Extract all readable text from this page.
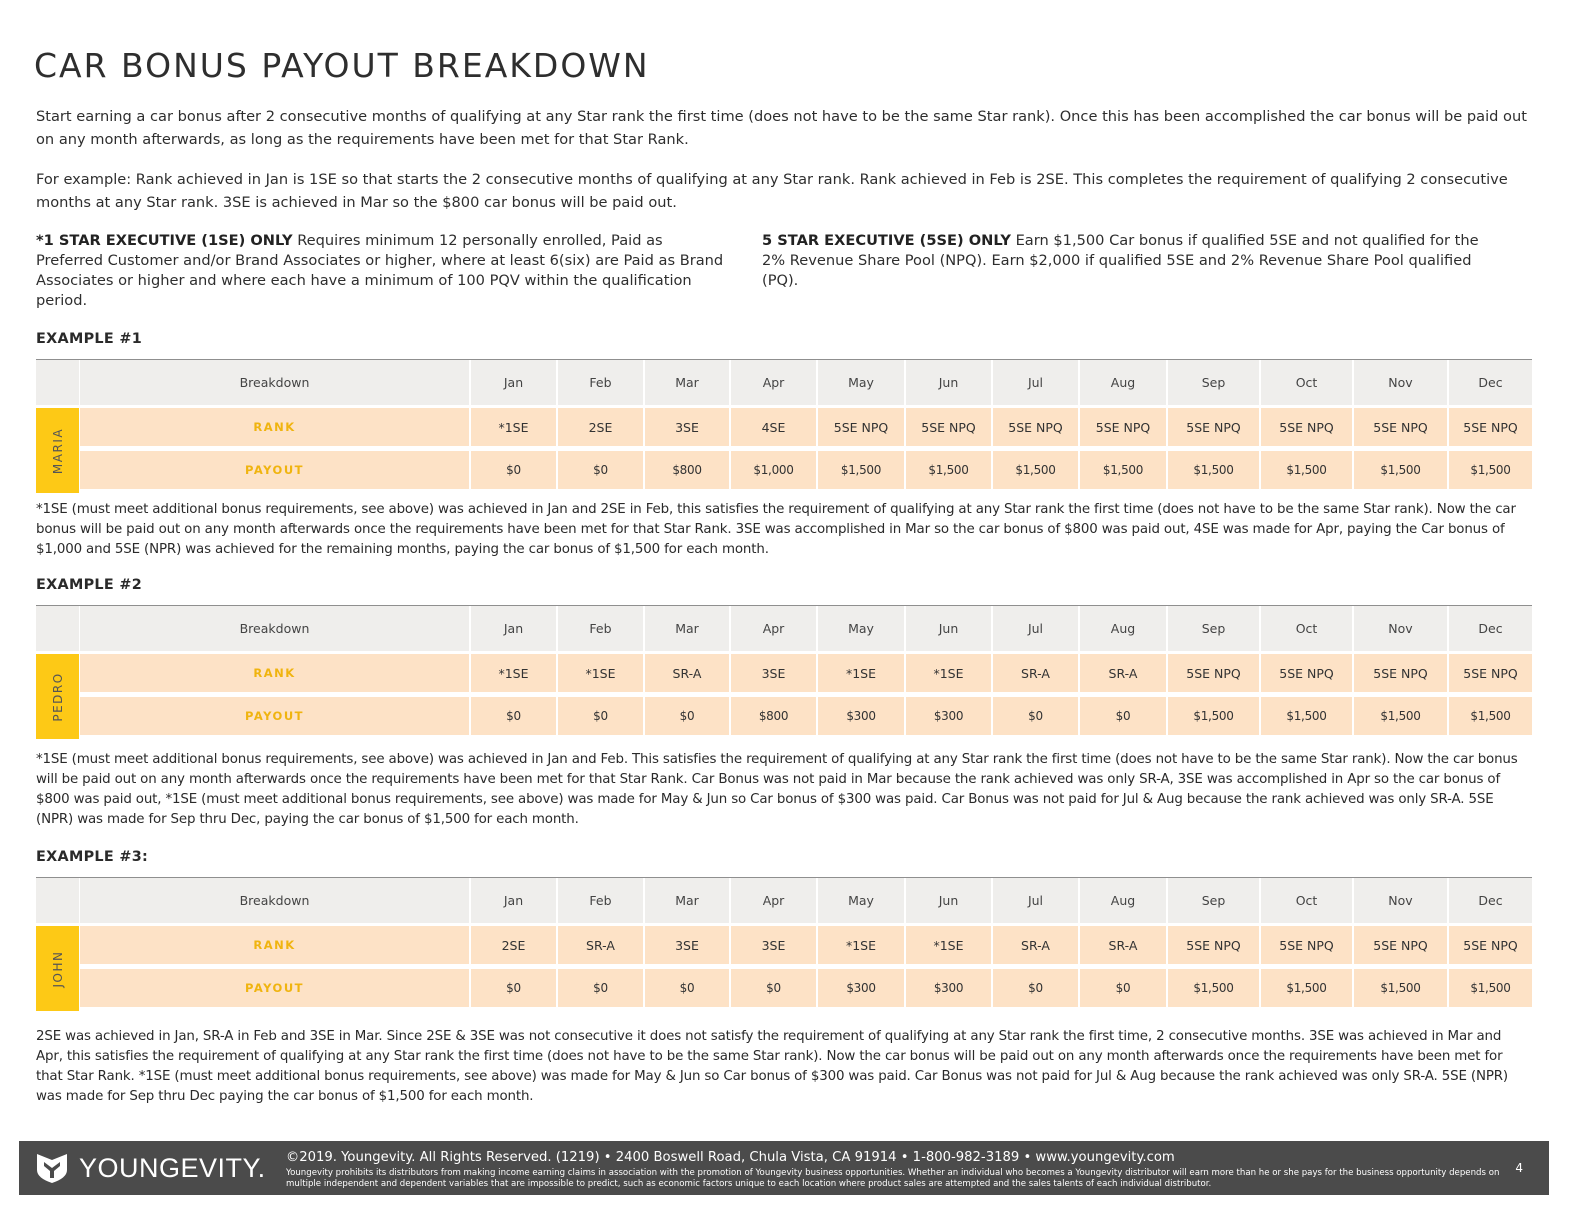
CAR BONUS PAYOUT BREAKDOWN

Start earning a car bonus after 2 consecutive months of qualifying at any Star rank the first time (does not have to be the same Star rank). Once this has been accomplished the car bonus will be paid out on any month afterwards, as long as the requirements have been met for that Star Rank.

For example: Rank achieved in Jan is 1SE so that starts the 2 consecutive months of qualifying at any Star rank. Rank achieved in Feb is 2SE. This completes the requirement of qualifying 2 consecutive months at any Star rank. 3SE is achieved in Mar so the $800 car bonus will be paid out.

*1 STAR EXECUTIVE (1SE) ONLY Requires minimum 12 personally enrolled, Paid as Preferred Customer and/or Brand Associates or higher, where at least 6(six) are Paid as Brand Associates or higher and where each have a minimum of 100 PQV within the qualification period.
5 STAR EXECUTIVE (5SE) ONLY Earn $1,500 Car bonus if qualified 5SE and not qualified for the 2% Revenue Share Pool (NPQ). Earn $2,000 if qualified 5SE and 2% Revenue Share Pool qualified (PQ).
EXAMPLE #1
Breakdown	Jan	Feb	Mar	Apr	May	Jun	Jul	Aug	Sep	Oct	Nov	Dec
MARIA
RANK	*1SE	2SE	3SE	4SE	5SE NPQ	5SE NPQ	5SE NPQ	5SE NPQ	5SE NPQ	5SE NPQ	5SE NPQ	5SE NPQ
PAYOUT	$0	$0	$800	$1,000	$1,500	$1,500	$1,500	$1,500	$1,500	$1,500	$1,500	$1,500

*1SE (must meet additional bonus requirements, see above) was achieved in Jan and 2SE in Feb, this satisfies the requirement of qualifying at any Star rank the first time (does not have to be the same Star rank). Now the car bonus will be paid out on any month afterwards once the requirements have been met for that Star Rank. 3SE was accomplished in Mar so the car bonus of $800 was paid out, 4SE was made for Apr, paying the Car bonus of $1,000 and 5SE (NPR) was achieved for the remaining months, paying the car bonus of $1,500 for each month.

EXAMPLE #2
Breakdown	Jan	Feb	Mar	Apr	May	Jun	Jul	Aug	Sep	Oct	Nov	Dec
PEDRO	RANK	*1SE	*1SE	SR-A	3SE	*1SE	*1SE	SR-A	SR-A	5SE NPQ	5SE NPQ	5SE NPQ	5SE NPQ
PAYOUT	$0	$0	$0	$800	$300	$300	$0	$0	$1,500	$1,500	$1,500	$1,500

*1SE (must meet additional bonus requirements, see above) was achieved in Jan and Feb. This satisfies the requirement of qualifying at any Star rank the first time (does not have to be the same Star rank). Now the car bonus will be paid out on any month afterwards once the requirements have been met for that Star Rank. Car Bonus was not paid in Mar because the rank achieved was only SR-A, 3SE was accomplished in Apr so the car bonus of $800 was paid out, *1SE (must meet additional bonus requirements, see above) was made for May & Jun so Car bonus of $300 was paid. Car Bonus was not paid for Jul & Aug because the rank achieved was only SR-A. 5SE (NPR) was made for Sep thru Dec, paying the car bonus of $1,500 for each month.

EXAMPLE #3:
Breakdown	Jan	Feb	Mar	Apr	May	Jun	Jul	Aug	Sep	Oct	Nov	Dec
JOHN
RANK	2SE	SR-A	3SE	3SE	*1SE	*1SE	SR-A	SR-A	5SE NPQ	5SE NPQ	5SE NPQ	5SE NPQ
PAYOUT	$0	$0	$0	$0	$300	$300	$0	$0	$1,500	$1,500	$1,500	$1,500

2SE was achieved in Jan, SR-A in Feb and 3SE in Mar. Since 2SE & 3SE was not consecutive it does not satisfy the requirement of qualifying at any Star rank the first time, 2 consecutive months. 3SE was achieved in Mar and Apr, this satisfies the requirement of qualifying at any Star rank the first time (does not have to be the same Star rank). Now the car bonus will be paid out on any month afterwards once the requirements have been met for that Star Rank. *1SE (must meet additional bonus requirements, see above) was made for May & Jun so Car bonus of $300 was paid. Car Bonus was not paid for Jul & Aug because the rank achieved was only SR-A. 5SE (NPR) was made for Sep thru Dec paying the car bonus of $1,500 for each month.

YOUNGEVITY. ©2019. Youngevity. All Rights Reserved. (1219) • 2400 Boswell Road, Chula Vista, CA 91914 • 1-800-982-3189 • www.youngevity.com
Youngevity prohibits its distributors from making income earning claims in association with the promotion of Youngevity business opportunities. Whether an individual who becomes a Youngevity distributor will earn more than he or she pays for the business opportunity depends on multiple independent and dependent variables that are impossible to predict, such as economic factors unique to each location where product sales are attempted and the sales talents of each individual distributor.
4
